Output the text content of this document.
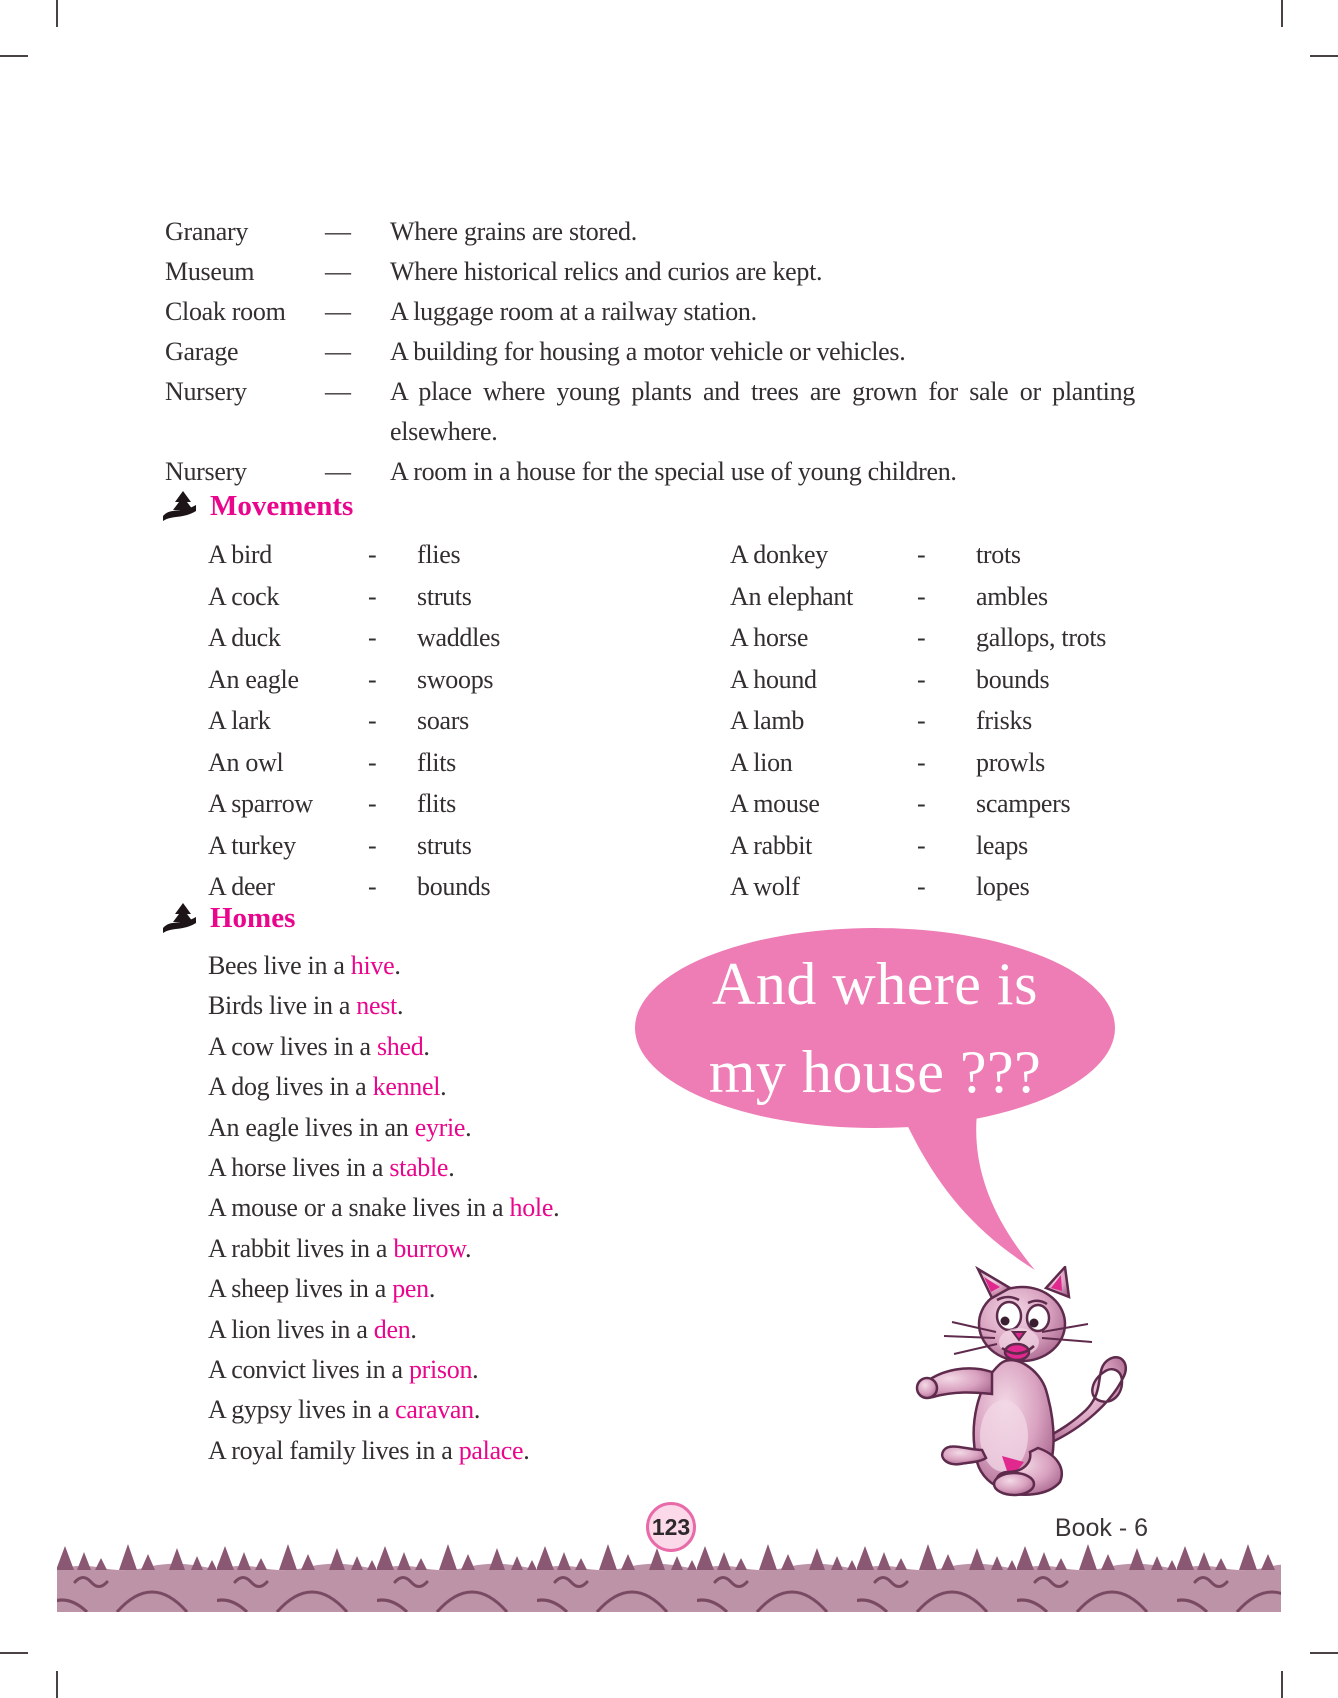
Granary	—	Where grains are stored.
Museum	—	Where historical relics and curios are kept.
Cloak room	—	A luggage room at a railway station.
Garage	—	A building for housing a motor vehicle or vehicles.
Nursery	—	A place where young plants and trees are grown for sale or planting elsewhere.
Nursery	—	A room in a house for the special use of young children.
Movements
A bird	-	flies
A cock	-	struts
A duck	-	waddles
An eagle	-	swoops
A lark	-	soars
An owl	-	flits
A sparrow	-	flits
A turkey	-	struts
A deer	-	bounds
A donkey	-	trots
An elephant	-	ambles
A horse	-	gallops, trots
A hound	-	bounds
A lamb	-	frisks
A lion	-	prowls
A mouse	-	scampers
A rabbit	-	leaps
A wolf	-	lopes
Homes
Bees live in a hive.
Birds live in a nest.
A cow lives in a shed.
A dog lives in a kennel.
An eagle lives in an eyrie.
A horse lives in a stable.
A mouse or a snake lives in a hole.
A rabbit lives in a burrow.
A sheep lives in a pen.
A lion lives in a den.
A convict lives in a prison.
A gypsy lives in a caravan.
A royal family lives in a palace.
And where is
my house ???
123	Book - 6
